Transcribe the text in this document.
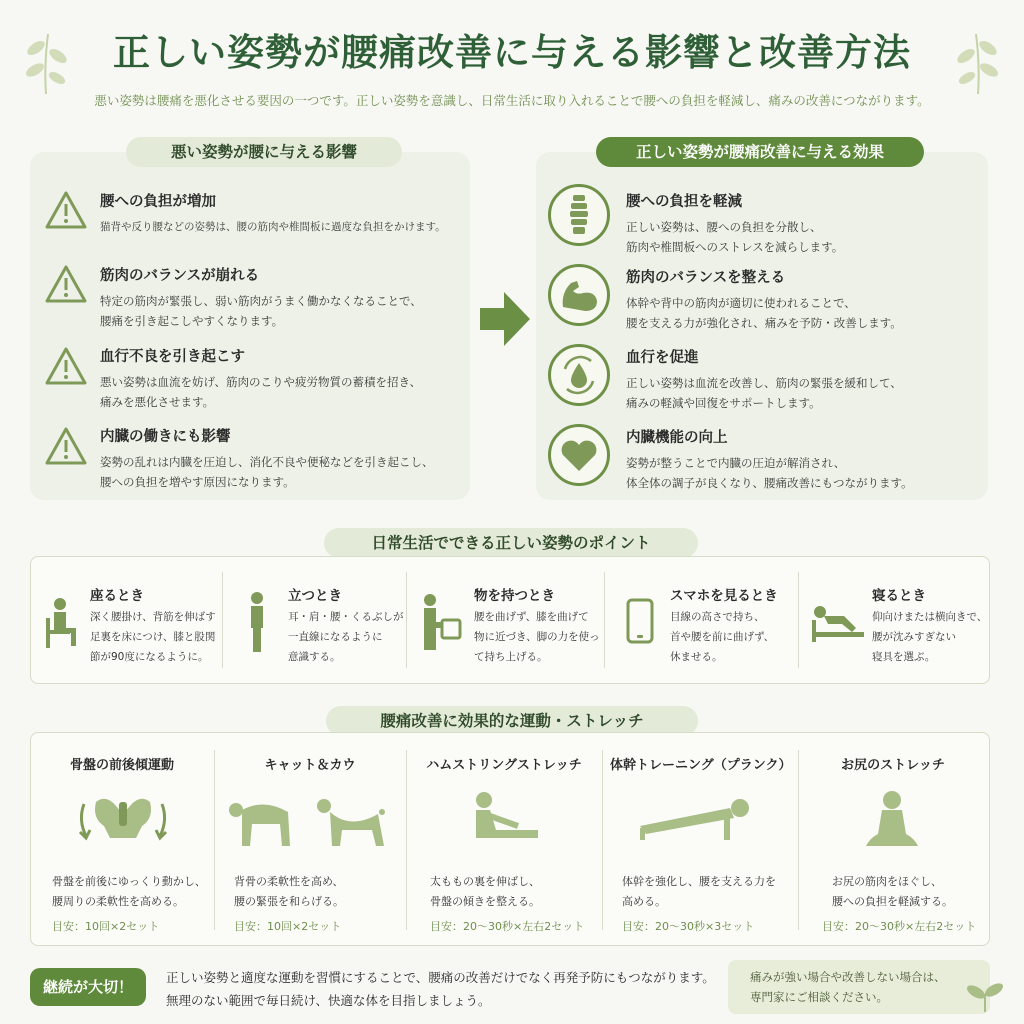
正しい姿勢が腰痛改善に与える影響と改善方法
悪い姿勢は腰痛を悪化させる要因の一つです。正しい姿勢を意識し、日常生活に取り入れることで腰への負担を軽減し、痛みの改善につながります。
悪い姿勢が腰に与える影響
腰への負担が増加
猫背や反り腰などの姿勢は、腰の筋肉や椎間板に過度な負担をかけます。
筋肉のバランスが崩れる
特定の筋肉が緊張し、弱い筋肉がうまく働かなくなることで、
腰痛を引き起こしやすくなります。
血行不良を引き起こす
悪い姿勢は血流を妨げ、筋肉のこりや疲労物質の蓄積を招き、
痛みを悪化させます。
内臓の働きにも影響
姿勢の乱れは内臓を圧迫し、消化不良や便秘などを引き起こし、
腰への負担を増やす原因になります。
正しい姿勢が腰痛改善に与える効果
腰への負担を軽減
正しい姿勢は、腰への負担を分散し、
筋肉や椎間板へのストレスを減らします。
筋肉のバランスを整える
体幹や背中の筋肉が適切に使われることで、
腰を支える力が強化され、痛みを予防・改善します。
血行を促進
正しい姿勢は血流を改善し、筋肉の緊張を緩和して、
痛みの軽減や回復をサポートします。
内臓機能の向上
姿勢が整うことで内臓の圧迫が解消され、
体全体の調子が良くなり、腰痛改善にもつながります。
日常生活でできる正しい姿勢のポイント
座るとき
深く腰掛け、背筋を伸ばす
足裏を床につけ、膝と股関
節が90度になるように。
立つとき
耳・肩・腰・くるぶしが
一直線になるように
意識する。
物を持つとき
腰を曲げず、膝を曲げて
物に近づき、脚の力を使っ
て持ち上げる。
スマホを見るとき
目線の高さで持ち、
首や腰を前に曲げず、
休ませる。
寝るとき
仰向けまたは横向きで、
腰が沈みすぎない
寝具を選ぶ。
腰痛改善に効果的な運動・ストレッチ
骨盤の前後傾運動
骨盤を前後にゆっくり動かし、
腰周りの柔軟性を高める。
目安：10回×2セット
キャット＆カウ
背骨の柔軟性を高め、
腰の緊張を和らげる。
目安：10回×2セット
ハムストリングストレッチ
太ももの裏を伸ばし、
骨盤の傾きを整える。
目安：20〜30秒×左右2セット
体幹トレーニング（プランク）
体幹を強化し、腰を支える力を
高める。
目安：20〜30秒×3セット
お尻のストレッチ
お尻の筋肉をほぐし、
腰への負担を軽減する。
目安：20〜30秒×左右2セット
継続が大切！
正しい姿勢と適度な運動を習慣にすることで、腰痛の改善だけでなく再発予防にもつながります。
無理のない範囲で毎日続け、快適な体を目指しましょう。
痛みが強い場合や改善しない場合は、
専門家にご相談ください。
